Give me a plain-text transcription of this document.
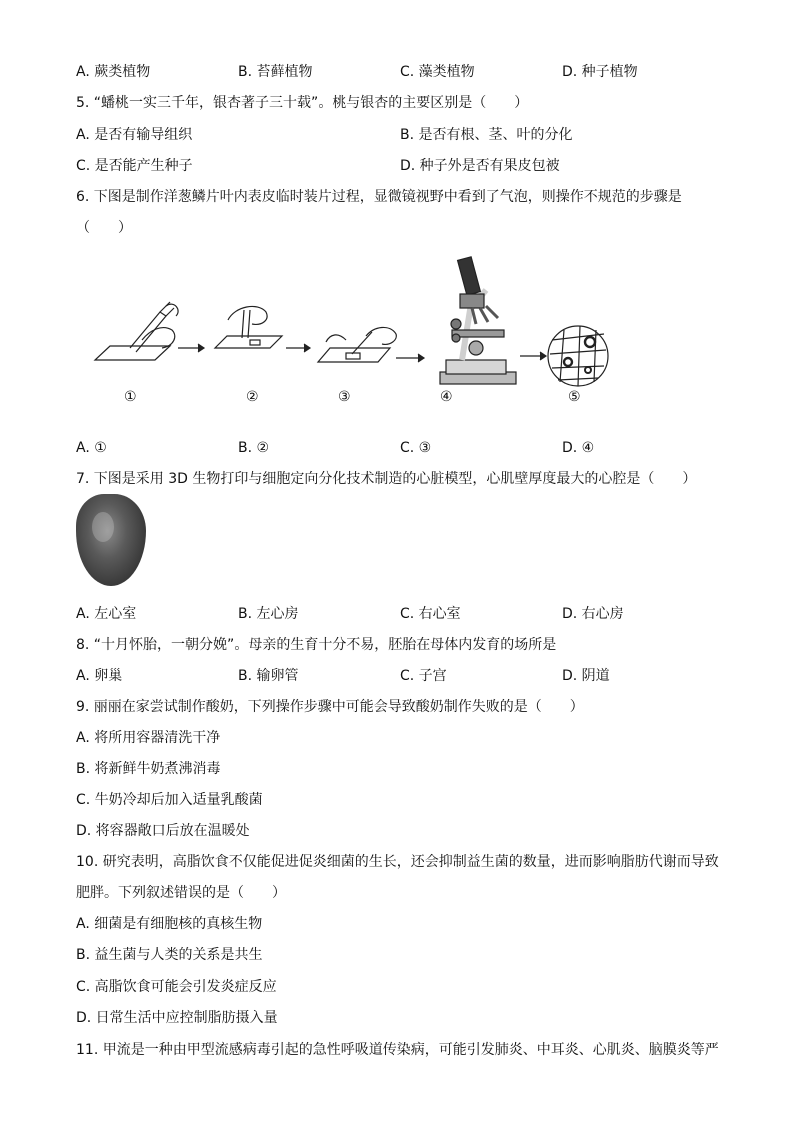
A. 蕨类植物	B. 苔藓植物	C. 藻类植物	D. 种子植物
5. “蟠桃一实三千年，银杏著子三十载”。桃与银杏的主要区别是（　　）
A. 是否有输导组织	B. 是否有根、茎、叶的分化
C. 是否能产生种子	D. 种子外是否有果皮包被
6. 下图是制作洋葱鳞片叶内表皮临时装片过程，显微镜视野中看到了气泡，则操作不规范的步骤是
（　　）
①	②	③	④	⑤
A. ①	B. ②	C. ③	D. ④
7. 下图是采用 3D 生物打印与细胞定向分化技术制造的心脏模型，心肌壁厚度最大的心腔是（　　）
A. 左心室	B. 左心房	C. 右心室	D. 右心房
8. “十月怀胎，一朝分娩”。母亲的生育十分不易，胚胎在母体内发育的场所是
A. 卵巢	B. 输卵管	C. 子宫	D. 阴道
9. 丽丽在家尝试制作酸奶，下列操作步骤中可能会导致酸奶制作失败的是（　　）
A. 将所用容器清洗干净
B. 将新鲜牛奶煮沸消毒
C. 牛奶冷却后加入适量乳酸菌
D. 将容器敞口后放在温暖处
10. 研究表明，高脂饮食不仅能促进促炎细菌的生长，还会抑制益生菌的数量，进而影响脂肪代谢而导致
肥胖。下列叙述错误的是（　　）
A. 细菌是有细胞核的真核生物
B. 益生菌与人类的关系是共生
C. 高脂饮食可能会引发炎症反应
D. 日常生活中应控制脂肪摄入量
11. 甲流是一种由甲型流感病毒引起的急性呼吸道传染病，可能引发肺炎、中耳炎、心肌炎、脑膜炎等严
